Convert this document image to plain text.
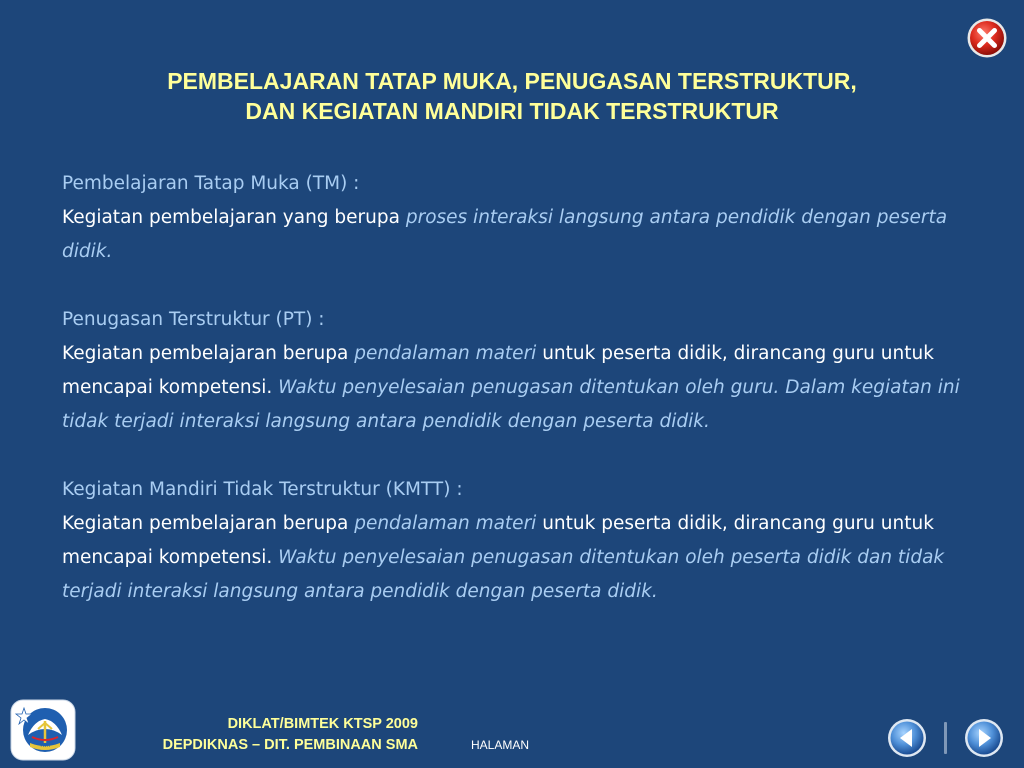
PEMBELAJARAN TATAP MUKA, PENUGASAN TERSTRUKTUR,
DAN KEGIATAN MANDIRI TIDAK TERSTRUKTUR

Pembelajaran Tatap Muka (TM) :

Kegiatan pembelajaran yang berupa proses interaksi langsung antara pendidik dengan peserta didik.

Penugasan Terstruktur (PT) :

Kegiatan pembelajaran berupa pendalaman materi untuk peserta didik, dirancang guru untuk mencapai kompetensi. Waktu penyelesaian penugasan ditentukan oleh guru. Dalam kegiatan ini tidak terjadi interaksi langsung antara pendidik dengan peserta didik.

Kegiatan Mandiri Tidak Terstruktur (KMTT) :

Kegiatan pembelajaran berupa pendalaman materi untuk peserta didik, dirancang guru untuk mencapai kompetensi. Waktu penyelesaian penugasan ditentukan oleh peserta didik dan tidak terjadi interaksi langsung antara pendidik dengan peserta didik.

TWH
DIKLAT/BIMTEK KTSP 2009
DEPDIKNAS – DIT. PEMBINAAN SMA	HALAMAN
